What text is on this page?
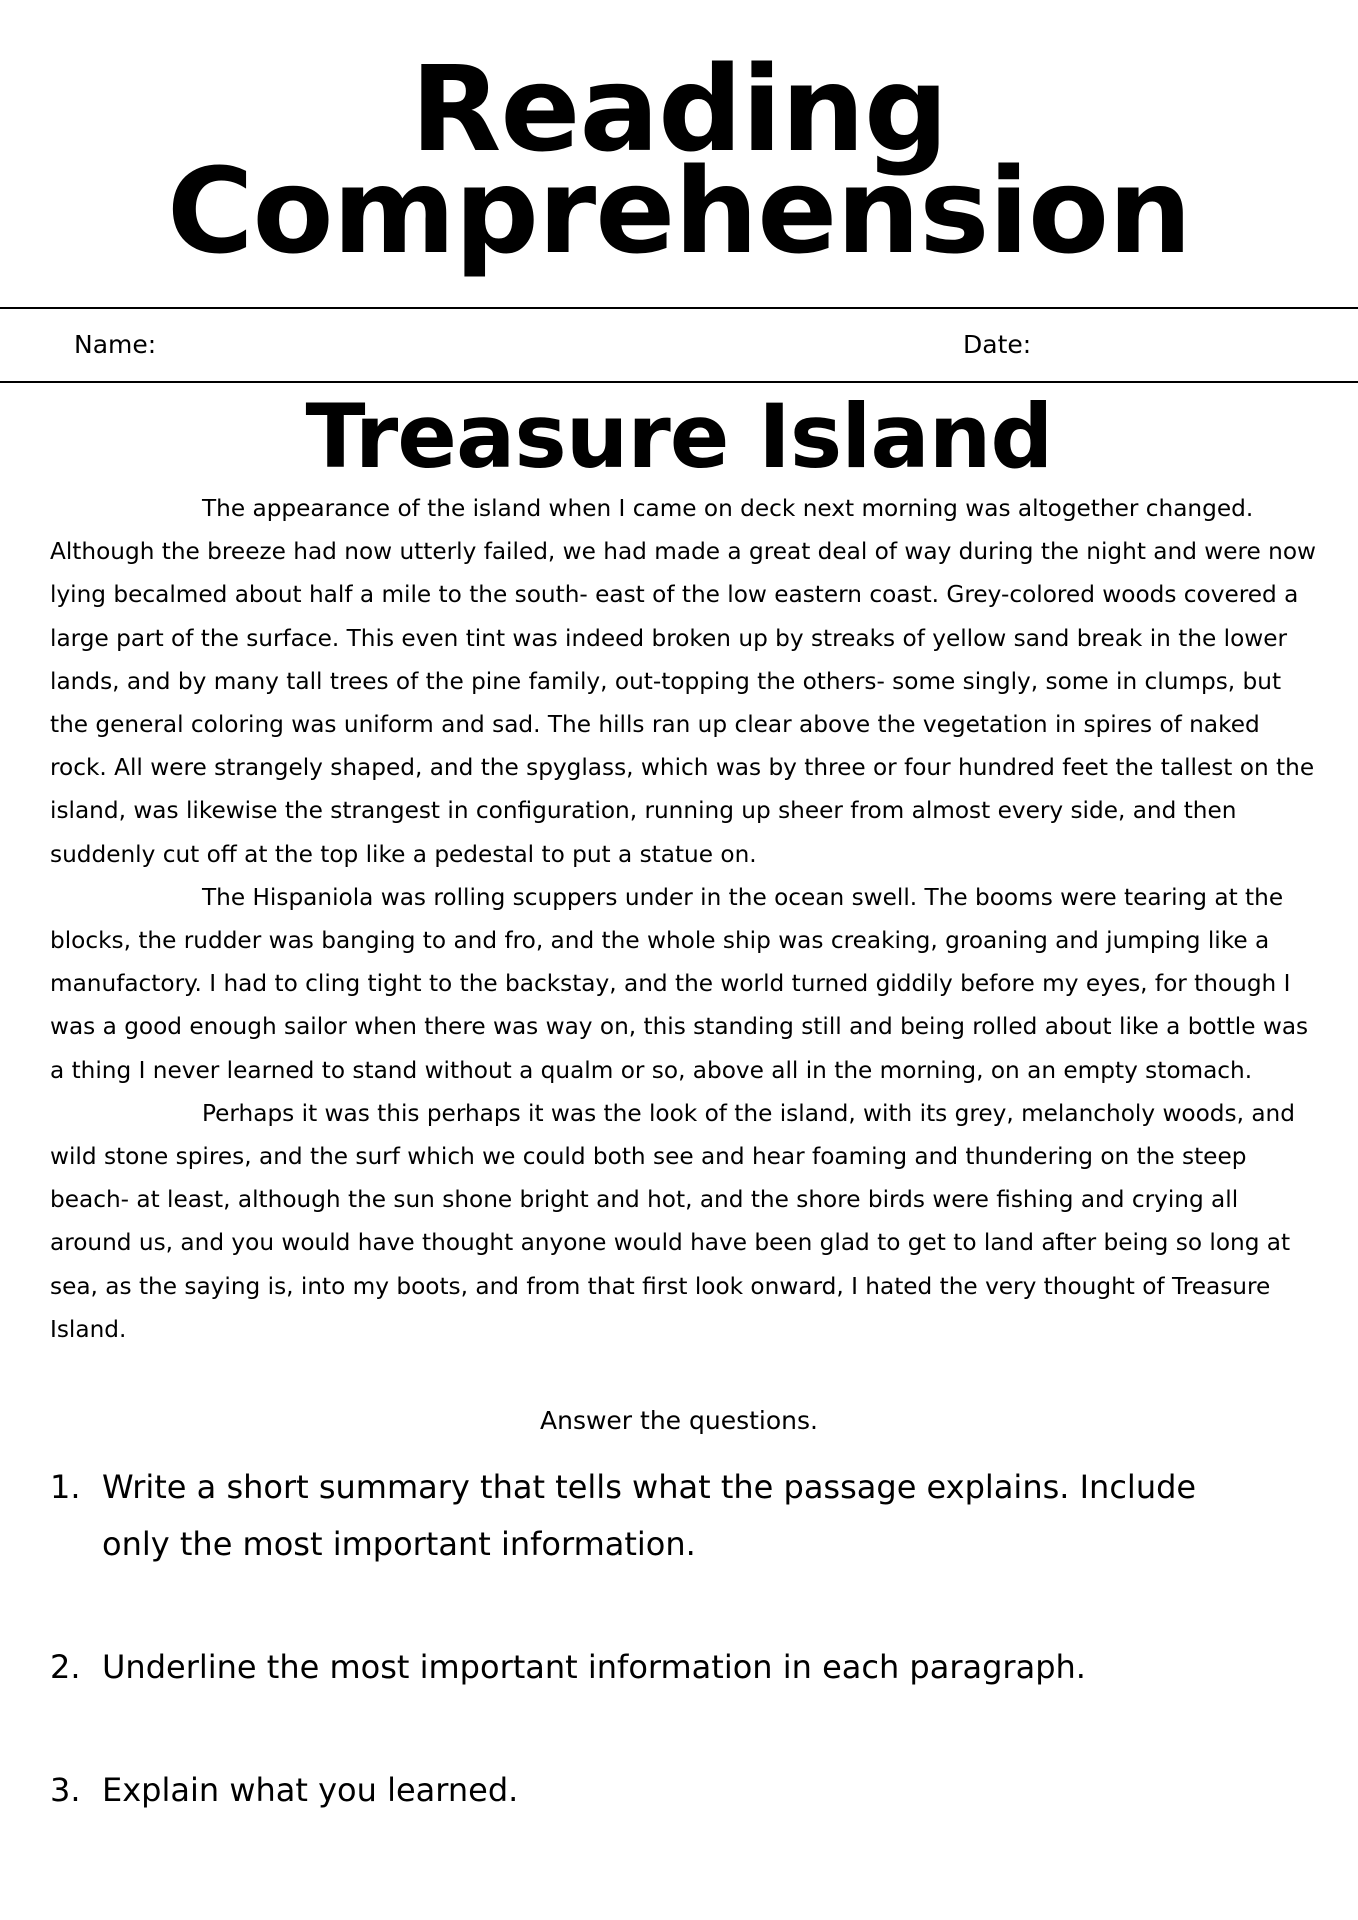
Reading
Comprehension
Name:	Date:
Treasure Island

The appearance of the island when I came on deck next morning was altogether changed. Although the breeze had now utterly failed, we had made a great deal of way during the night and were now lying becalmed about half a mile to the south- east of the low eastern coast. Grey-colored woods covered a large part of the surface. This even tint was indeed broken up by streaks of yellow sand break in the lower lands, and by many tall trees of the pine family, out-topping the others- some singly, some in clumps, but the general coloring was uniform and sad. The hills ran up clear above the vegetation in spires of naked rock. All were strangely shaped, and the spyglass, which was by three or four hundred feet the tallest on the island, was likewise the strangest in configuration, running up sheer from almost every side, and then suddenly cut off at the top like a pedestal to put a statue on.

The Hispaniola was rolling scuppers under in the ocean swell. The booms were tearing at the blocks, the rudder was banging to and fro, and the whole ship was creaking, groaning and jumping like a manufactory. I had to cling tight to the backstay, and the world turned giddily before my eyes, for though I was a good enough sailor when there was way on, this standing still and being rolled about like a bottle was a thing I never learned to stand without a qualm or so, above all in the morning, on an empty stomach.

Perhaps it was this perhaps it was the look of the island, with its grey, melancholy woods, and wild stone spires, and the surf which we could both see and hear foaming and thundering on the steep beach- at least, although the sun shone bright and hot, and the shore birds were fishing and crying all around us, and you would have thought anyone would have been glad to get to land after being so long at sea, as the saying is, into my boots, and from that first look onward, I hated the very thought of Treasure Island.

Answer the questions.
1. Write a short summary that tells what the passage explains. Include only the most important information.
2. Underline the most important information in each paragraph.
3. Explain what you learned.
